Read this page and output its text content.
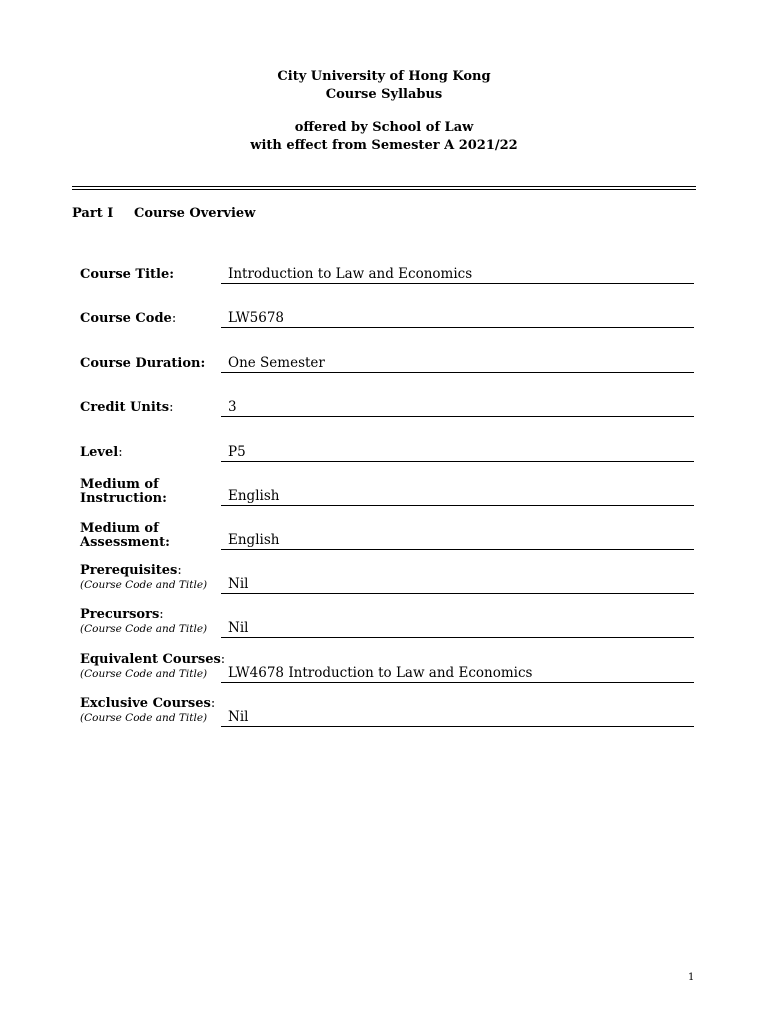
City University of Hong Kong
Course Syllabus
offered by School of Law
with effect from Semester A 2021/22
Part I Course Overview
Course Title:	Introduction to Law and Economics
Course Code:	LW5678
Course Duration:	One Semester
Credit Units:	3
Level:	P5
Medium of
Instruction:	English
Medium of
Assessment:	English
Prerequisites:
(Course Code and Title)	Nil
Precursors:
(Course Code and Title)	Nil
Equivalent Courses:
(Course Code and Title)	LW4678 Introduction to Law and Economics
Exclusive Courses:
(Course Code and Title)	Nil
1
